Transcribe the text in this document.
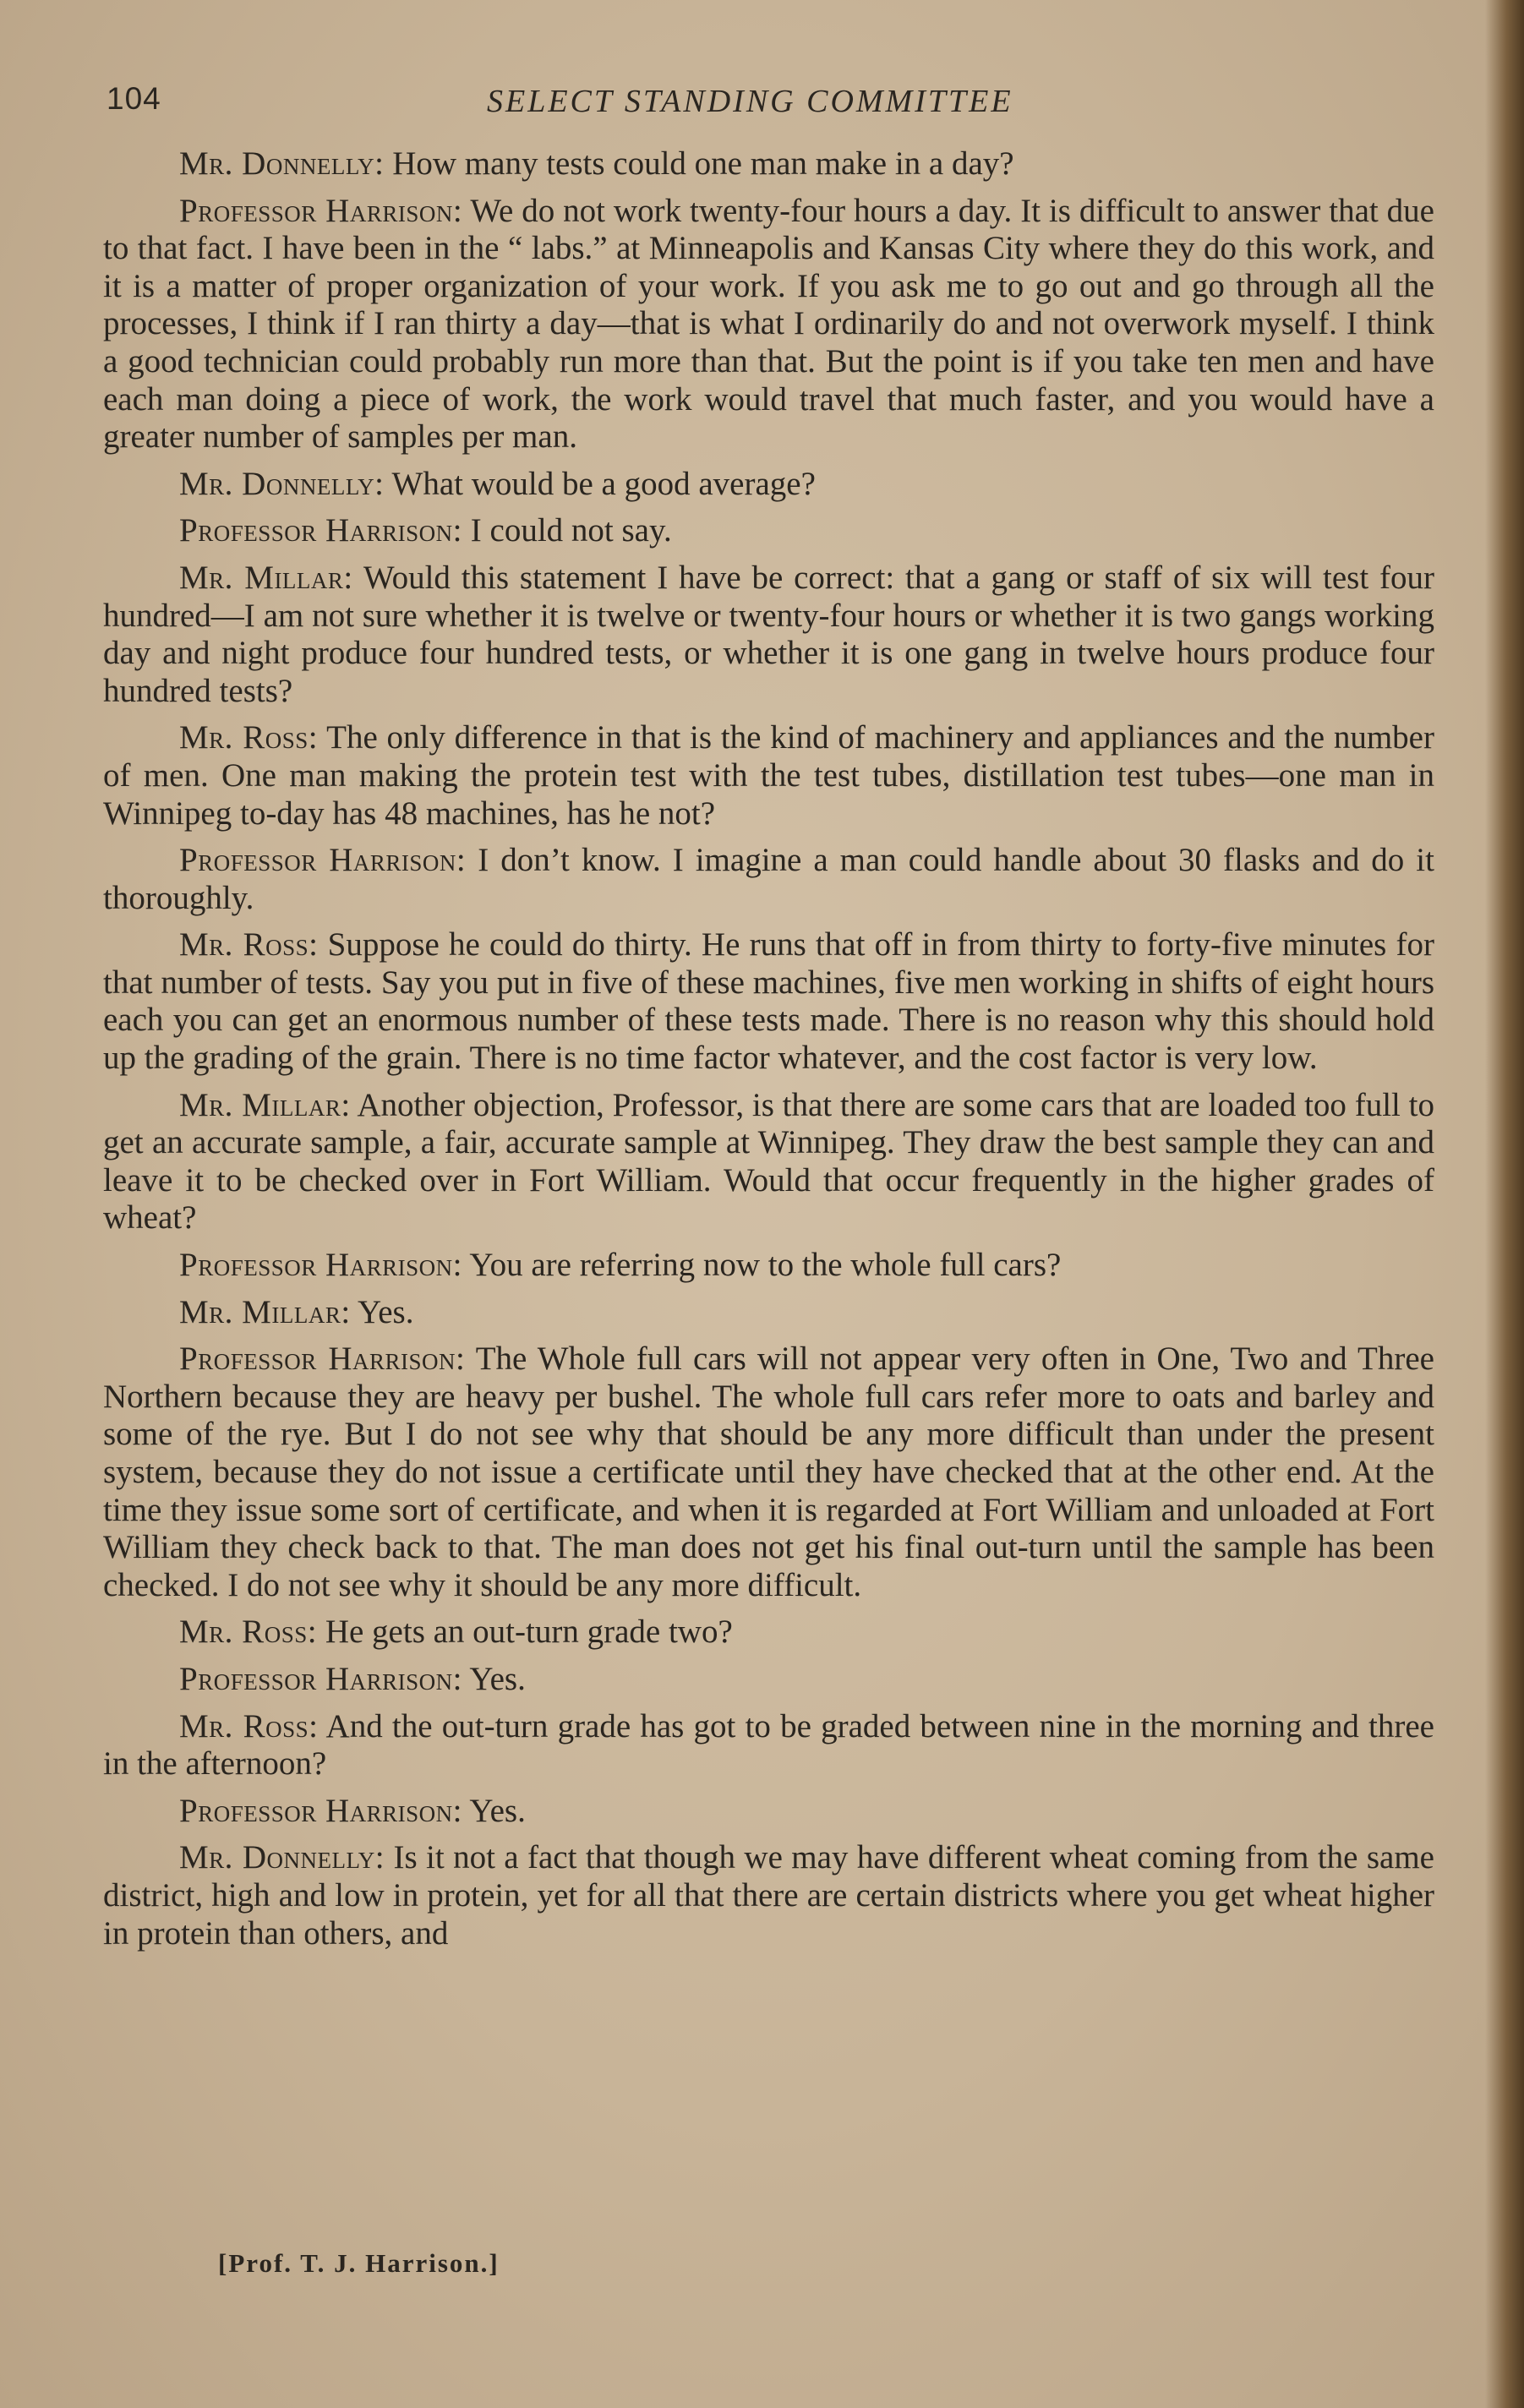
104	SELECT STANDING COMMITTEE

Mr. Donnelly: How many tests could one man make in a day?

Professor Harrison: We do not work twenty-four hours a day. It is difficult to answer that due to that fact. I have been in the “ labs.” at Minneapolis and Kansas City where they do this work, and it is a matter of proper organization of your work. If you ask me to go out and go through all the processes, I think if I ran thirty a day—that is what I ordinarily do and not overwork myself. I think a good technician could probably run more than that. But the point is if you take ten men and have each man doing a piece of work, the work would travel that much faster, and you would have a greater number of samples per man.

Mr. Donnelly: What would be a good average?

Professor Harrison: I could not say.

Mr. Millar: Would this statement I have be correct: that a gang or staff of six will test four hundred—I am not sure whether it is twelve or twenty-four hours or whether it is two gangs working day and night produce four hundred tests, or whether it is one gang in twelve hours produce four hundred tests?

Mr. Ross: The only difference in that is the kind of machinery and appliances and the number of men. One man making the protein test with the test tubes, distillation test tubes—one man in Winnipeg to-day has 48 machines, has he not?

Professor Harrison: I don’t know. I imagine a man could handle about 30 flasks and do it thoroughly.

Mr. Ross: Suppose he could do thirty. He runs that off in from thirty to forty-five minutes for that number of tests. Say you put in five of these machines, five men working in shifts of eight hours each you can get an enormous number of these tests made. There is no reason why this should hold up the grading of the grain. There is no time factor whatever, and the cost factor is very low.

Mr. Millar: Another objection, Professor, is that there are some cars that are loaded too full to get an accurate sample, a fair, accurate sample at Winnipeg. They draw the best sample they can and leave it to be checked over in Fort William. Would that occur frequently in the higher grades of wheat?

Professor Harrison: You are referring now to the whole full cars?

Mr. Millar: Yes.

Professor Harrison: The Whole full cars will not appear very often in One, Two and Three Northern because they are heavy per bushel. The whole full cars refer more to oats and barley and some of the rye. But I do not see why that should be any more difficult than under the present system, because they do not issue a certificate until they have checked that at the other end. At the time they issue some sort of certificate, and when it is regarded at Fort William and unloaded at Fort William they check back to that. The man does not get his final out-turn until the sample has been checked. I do not see why it should be any more difficult.

Mr. Ross: He gets an out-turn grade two?

Professor Harrison: Yes.

Mr. Ross: And the out-turn grade has got to be graded between nine in the morning and three in the afternoon?

Professor Harrison: Yes.

Mr. Donnelly: Is it not a fact that though we may have different wheat coming from the same district, high and low in protein, yet for all that there are certain districts where you get wheat higher in protein than others, and

[Prof. T. J. Harrison.]
